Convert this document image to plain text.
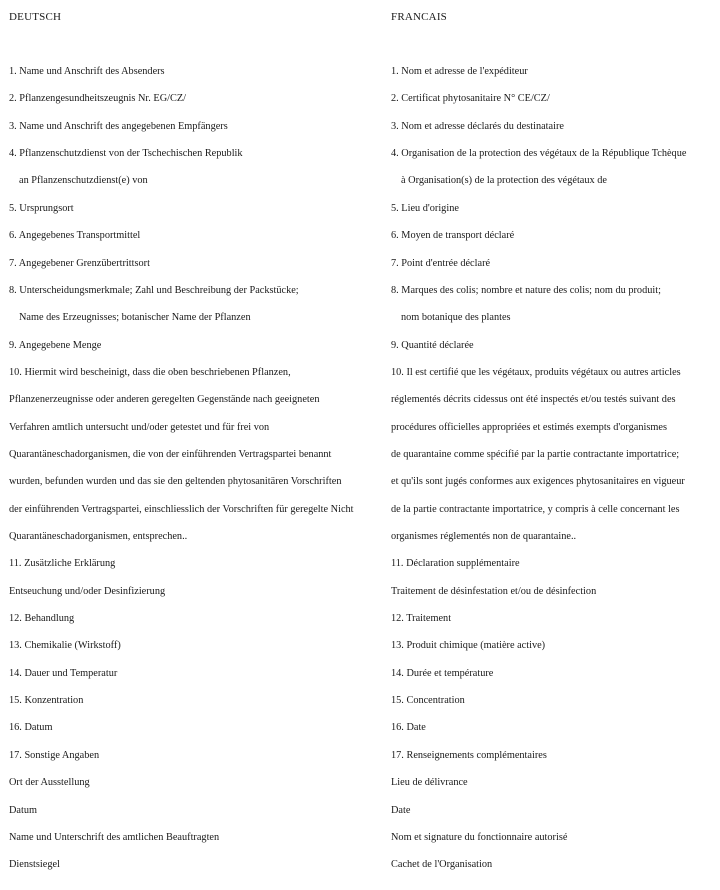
DEUTSCH	FRANCAIS
1. Name und Anschrift des Absenders	1. Nom et adresse de l'expéditeur
2. Pflanzengesundheitszeugnis Nr. EG/CZ/	2. Certificat phytosanitaire N° CE/CZ/
3. Name und Anschrift des angegebenen Empfängers	3. Nom et adresse déclarés du destinataire
4. Pflanzenschutzdienst von der Tschechischen Republik	4. Organisation de la protection des végétaux de la République Tchèque
an Pflanzenschutzdienst(e) von	à Organisation(s) de la protection des végétaux de
5. Ursprungsort	5. Lieu d'origine
6. Angegebenes Transportmittel	6. Moyen de transport déclaré
7. Angegebener Grenzübertrittsort	7. Point d'entrée déclaré
8. Unterscheidungsmerkmale; Zahl und Beschreibung der Packstücke;	8. Marques des colis; nombre et nature des colis; nom du produit;
Name des Erzeugnisses; botanischer Name der Pflanzen	nom botanique des plantes
9. Angegebene Menge	9. Quantité déclarée
10. Hiermit wird bescheinigt, dass die oben beschriebenen Pflanzen,	10. Il est certifié que les végétaux, produits végétaux ou autres articles
Pflanzenerzeugnisse oder anderen geregelten Gegenstände nach geeigneten	réglementés décrits cidessus ont été inspectés et/ou testés suivant des
Verfahren amtlich untersucht und/oder getestet und für frei von	procédures officielles appropriées et estimés exempts d'organismes
Quarantäneschadorganismen, die von der einführenden Vertragspartei benannt	de quarantaine comme spécifié par la partie contractante importatrice;
wurden, befunden wurden und das sie den geltenden phytosanitären Vorschriften	et qu'ils sont jugés conformes aux exigences phytosanitaires en vigueur
der einführenden Vertragspartei, einschliesslich der Vorschriften für geregelte Nicht	de la partie contractante importatrice, y compris à celle concernant les
Quarantäneschadorganismen, entsprechen..	organismes réglementés non de quarantaine..
11. Zusätzliche Erklärung	11. Déclaration supplémentaire
Entseuchung und/oder Desinfizierung	Traitement de désinfestation et/ou de désinfection
12. Behandlung	12. Traitement
13. Chemikalie (Wirkstoff)	13. Produit chimique (matière active)
14. Dauer und Temperatur	14. Durée et température
15. Konzentration	15. Concentration
16. Datum	16. Date
17. Sonstige Angaben	17. Renseignements complémentaires
Ort der Ausstellung	Lieu de délivrance
Datum	Date
Name und Unterschrift des amtlichen Beauftragten	Nom et signature du fonctionnaire autorisé
Dienstsiegel	Cachet de l'Organisation
